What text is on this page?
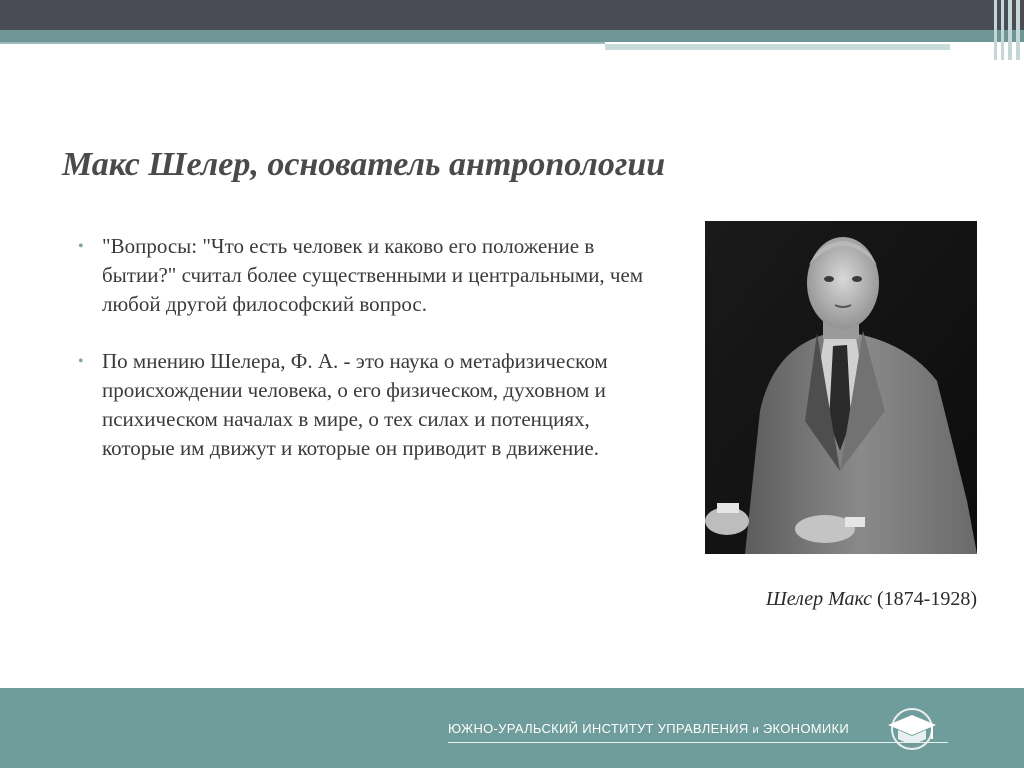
Макс Шелер, основатель антропологии
• "Вопросы: "Что есть человек и каково его положение в бытии?" считал более существенными и центральными, чем любой другой философский вопрос.
• По мнению Шелера, Ф. А. - это наука о метафизическом происхождении человека, о его физическом, духовном и психическом началах в мире, о тех силах и потенциях, которые им движут и которые он приводит в движение.
Шелер Макс (1874-1928)
ЮЖНО-УРАЛЬСКИЙ ИНСТИТУТ УПРАВЛЕНИЯ и ЭКОНОМИКИ
